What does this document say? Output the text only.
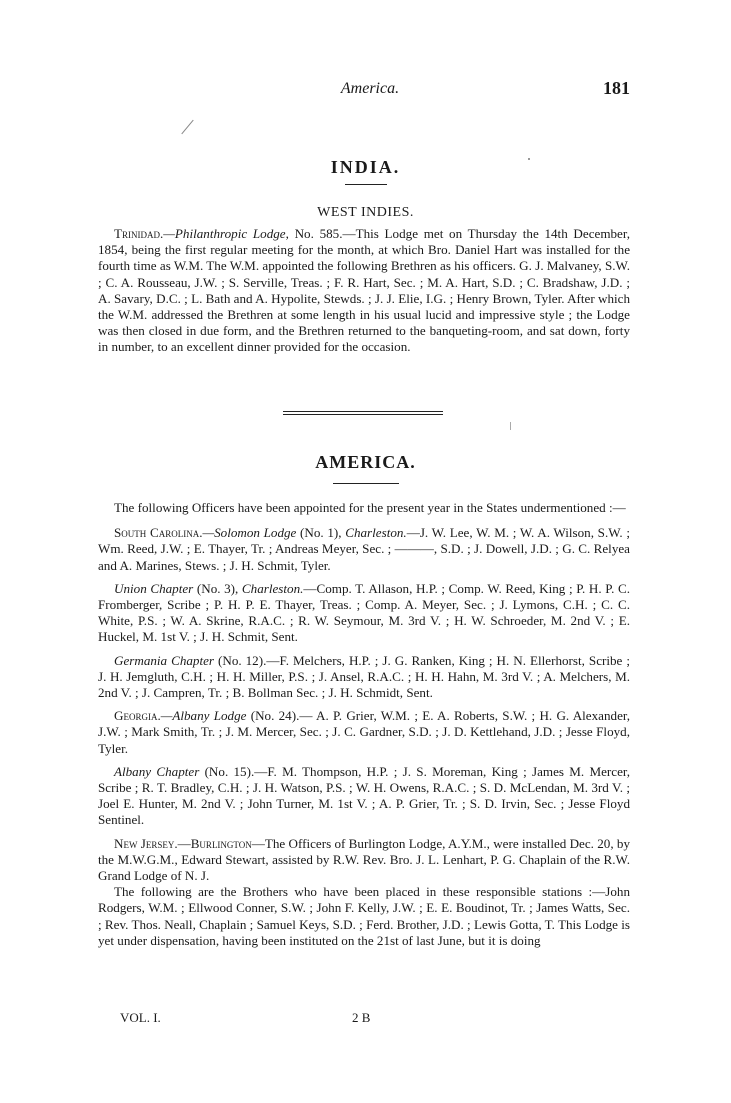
America.	181
INDIA.
WEST INDIES.

Trinidad.—Philanthropic Lodge, No. 585.—This Lodge met on Thursday the 14th December, 1854, being the first regular meeting for the month, at which Bro. Daniel Hart was installed for the fourth time as W.M. The W.M. appointed the following Brethren as his officers. G. J. Malvaney, S.W. ; C. A. Rousseau, J.W. ; S. Serville, Treas. ; F. R. Hart, Sec. ; M. A. Hart, S.D. ; C. Bradshaw, J.D. ; A. Savary, D.C. ; L. Bath and A. Hypolite, Stewds. ; J. J. Elie, I.G. ; Henry Brown, Tyler. After which the W.M. addressed the Brethren at some length in his usual lucid and impressive style ; the Lodge was then closed in due form, and the Brethren returned to the banqueting-room, and sat down, forty in number, to an excellent dinner provided for the occasion.

AMERICA.

The following Officers have been appointed for the present year in the States undermentioned :—

South Carolina.—Solomon Lodge (No. 1), Charleston.—J. W. Lee, W. M. ; W. A. Wilson, S.W. ; Wm. Reed, J.W. ; E. Thayer, Tr. ; Andreas Meyer, Sec. ; ———, S.D. ; J. Dowell, J.D. ; G. C. Relyea and A. Marines, Stews. ; J. H. Schmit, Tyler.

Union Chapter (No. 3), Charleston.—Comp. T. Allason, H.P. ; Comp. W. Reed, King ; P. H. P. C. Fromberger, Scribe ; P. H. P. E. Thayer, Treas. ; Comp. A. Meyer, Sec. ; J. Lymons, C.H. ; C. C. White, P.S. ; W. A. Skrine, R.A.C. ; R. W. Seymour, M. 3rd V. ; H. W. Schroeder, M. 2nd V. ; E. Huckel, M. 1st V. ; J. H. Schmit, Sent.

Germania Chapter (No. 12).—F. Melchers, H.P. ; J. G. Ranken, King ; H. N. Ellerhorst, Scribe ; J. H. Jemgluth, C.H. ; H. H. Miller, P.S. ; J. Ansel, R.A.C. ; H. H. Hahn, M. 3rd V. ; A. Melchers, M. 2nd V. ; J. Campren, Tr. ; B. Bollman Sec. ; J. H. Schmidt, Sent.

Georgia.—Albany Lodge (No. 24).— A. P. Grier, W.M. ; E. A. Roberts, S.W. ; H. G. Alexander, J.W. ; Mark Smith, Tr. ; J. M. Mercer, Sec. ; J. C. Gardner, S.D. ; J. D. Kettlehand, J.D. ; Jesse Floyd, Tyler.

Albany Chapter (No. 15).—F. M. Thompson, H.P. ; J. S. Moreman, King ; James M. Mercer, Scribe ; R. T. Bradley, C.H. ; J. H. Watson, P.S. ; W. H. Owens, R.A.C. ; S. D. McLendan, M. 3rd V. ; Joel E. Hunter, M. 2nd V. ; John Turner, M. 1st V. ; A. P. Grier, Tr. ; S. D. Irvin, Sec. ; Jesse Floyd Sentinel.

New Jersey.—Burlington—The Officers of Burlington Lodge, A.Y.M., were installed Dec. 20, by the M.W.G.M., Edward Stewart, assisted by R.W. Rev. Bro. J. L. Lenhart, P. G. Chaplain of the R.W. Grand Lodge of N. J.

The following are the Brothers who have been placed in these responsible stations :—John Rodgers, W.M. ; Ellwood Conner, S.W. ; John F. Kelly, J.W. ; E. E. Boudinot, Tr. ; James Watts, Sec. ; Rev. Thos. Neall, Chaplain ; Samuel Keys, S.D. ; Ferd. Brother, J.D. ; Lewis Gotta, T. This Lodge is yet under dispensation, having been instituted on the 21st of last June, but it is doing

VOL. I.	2 B
